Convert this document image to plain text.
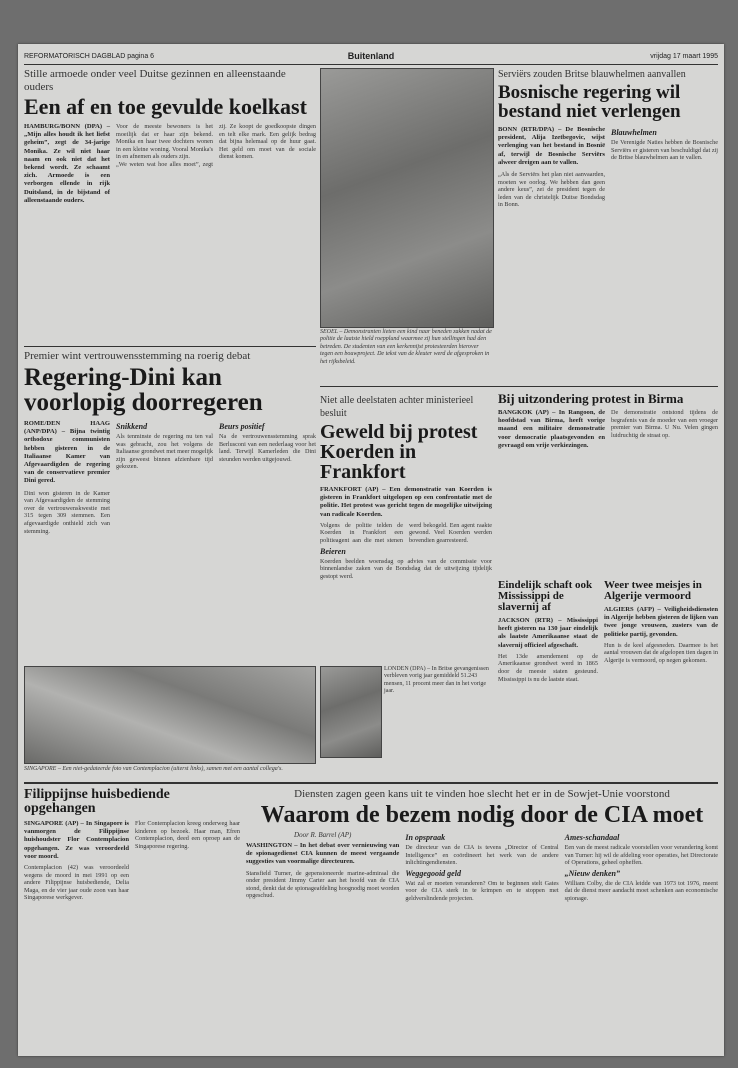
REFORMATORISCH DAGBLAD pagina 6	Buitenland	vrijdag 17 maart 1995
Stille armoede onder veel Duitse gezinnen en alleenstaande ouders
Een af en toe gevulde koelkast
HAMBURG/BONN (DPA) – „Mijn alles houdt ik het liefst geheim”, zegt de 34-jarige Monika. Ze wil niet haar naam en ook niet dat het bekend wordt. Ze schaamt zich. Armoede is een verborgen ellende in rijk Duitsland, in de bijstand of alleenstaande ouders.
Voor de meeste bewoners is het moeilijk dat er haar zijn bekend. Monika en haar twee dochters wonen in een kleine woning. Vooral Monika's in en afnemen als ouders zijn.
„We weten wat hoe alles moet”, zegt zij. Ze koopt de goedkoopste dingen en telt elke mark. Een gelijk bedrag dat bijna helemaal op de huur gaat. Het geld om moet van de sociale dienst komen.
SEOEL – Demonstranten lieten een kind naar beneden zakken nadat de politie de laatste hield roepplund waarmee zij hun stellingen had den betreden. De studenten van een kerkennijst protesteerden hierover tegen een bouwproject. De tekst van de kleuter werd de afgesproken in het rijksbeleid.
Serviërs zouden Britse blauwhelmen aanvallen
Bosnische regering wil bestand niet verlengen
BONN (RTR/DPA) – De Bosnische president, Alija Izetbegovic, wijst verlenging van het bestand in Bosnië af, terwijl de Bosnische Serviërs alweer dreigen aan te vallen.
„Als de Serviërs het plan niet aanvaarden, moeten we oorlog. We hebben dan geen andere keus”, zei de president tegen de leden van de christelijk Duitse Bondsdag in Bonn.
Blauwhelmen
De Verenigde Naties hebben de Bosnische Serviërs er gisteren van beschuldigd dat zij de Britse blauwhelmen aan te vallen.
Premier wint vertrouwensstemming na roerig debat
Regering-Dini kan voorlopig doorregeren
ROME/DEN HAAG (ANP/DPA) – Bijna twintig orthodoxe communisten hebben gisteren in de Italiaanse Kamer van Afgevaardigden de regering van de conservatieve premier Dini gered.
Dini won gisteren in de Kamer van Afgevaardigden de stemming over de vertrouwenskwestie met 315 tegen 309 stemmen. Een afgevaardigde onthield zich van stemming.
Snikkend
Als tenminste de regering nu ten val was gebracht, zou het volgens de Italiaanse grondwet met meer mogelijk zijn geweest binnen afzienbare tijd gekozen.
Beurs positief
Na de vertrouwensstemming sprak Berlusconi van een nederlaag voor het land. Terwijl Kamerleden die Dini steunden werden uitgejouwd.
Bij uitzondering protest in Birma
BANGKOK (AP) – In Rangoon, de hoofdstad van Birma, heeft vorige maand een militaire demonstratie voor democratie plaatsgevonden en gevraagd om vrije verkiezingen.
De demonstratie ontstond tijdens de begrafenis van de moeder van een vroeger premier van Birma. U Nu. Velen gingen luidruchtig de straat op.
Niet alle deelstaten achter ministerieel besluit
Geweld bij protest Koerden in Frankfort
FRANKFORT (AP) – Een demonstratie van Koerden is gisteren in Frankfort uitgelopen op een confrontatie met de politie. Het protest was gericht tegen de mogelijke uitwijzing van radicale Koerden.
Volgens de politie telden de Koerden in Frankfort een politieagent aan die met stenen werd bekogeld. Een agent raakte gewond. Veel Koerden werden bovendien gearresteerd.
Beieren
Koerden beelden woensdag op advies van de commissie voor binnenlandse zaken van de Bondsdag dat de uitwijzing tijdelijk gestopt werd.
Eindelijk schaft ook Mississippi de slavernij af
JACKSON (RTR) – Mississippi heeft gisteren na 130 jaar eindelijk als laatste Amerikaanse staat de slavernij officieel afgeschaft.
Het 13de amendement op de Amerikaanse grondwet werd in 1865 door de meeste staten gesteund. Mississippi is nu de laatste staat.
Weer twee meisjes in Algerije vermoord
ALGIERS (AFP) – Veiligheidsdiensten in Algerije hebben gisteren de lijken van twee jonge vrouwen, zusters van de politieke partij, gevonden.
Hun is de keel afgesneden. Daarmee is het aantal vrouwen dat de afgelopen tien dagen in Algerije is vermoord, op negen gekomen.
LONDEN (DPA) – In Britse gevangenissen verbleven vorig jaar gemiddeld 51.243 mensen, 11 procent meer dan in het vorige jaar.
SINGAPORE – Een niet-gedateerde foto van Contemplacion (uiterst links), samen met een aantal collega's.
Filippijnse huisbediende opgehangen
SINGAPORE (AP) – In Singapore is vanmorgen de Filippijnse huishoudster Flor Contemplacion opgehangen. Ze was veroordeeld voor moord.
Contemplacion (42) was veroordeeld wegens de moord in mei 1991 op een andere Filippijnse huisbediende, Delia Maga, en de vier jaar oude zoon van haar Singaporese werkgever.
Flor Contemplacion kreeg onderweg haar kinderen op bezoek. Haar man, Efren Contemplacion, deed een oproep aan de Singaporese regering.
Diensten zagen geen kans uit te vinden hoe slecht het er in de Sowjet-Unie voorstond
Waarom de bezem nodig door de CIA moet
Door R. Barrel (AP)
WASHINGTON – In het debat over vernieuwing van de spionagedienst CIA kunnen de meest vergaande suggesties van voormalige directeuren.
Stansfield Turner, de gepensioneerde marine-admiraal die onder president Jimmy Carter aan het hoofd van de CIA stond, denkt dat de spionageafdeling hoognodig moet worden opgeschud.
In opspraak
De directeur van de CIA is tevens „Director of Central Intelligence” en coördineert het werk van de andere inlichtingendiensten.
Weggegooid geld
Wat zal er moeten veranderen? Om te beginnen stelt Gates voor de CIA sterk in te krimpen en te stoppen met geldverslindende projecten.
Ames-schandaal
Een van de meest radicale voorstellen voor verandering komt van Turner: hij wil de afdeling voor operaties, het Directorate of Operations, geheel opheffen.
„Nieuw denken”
William Colby, die de CIA leidde van 1973 tot 1976, meent dat de dienst meer aandacht moet schenken aan economische spionage.
